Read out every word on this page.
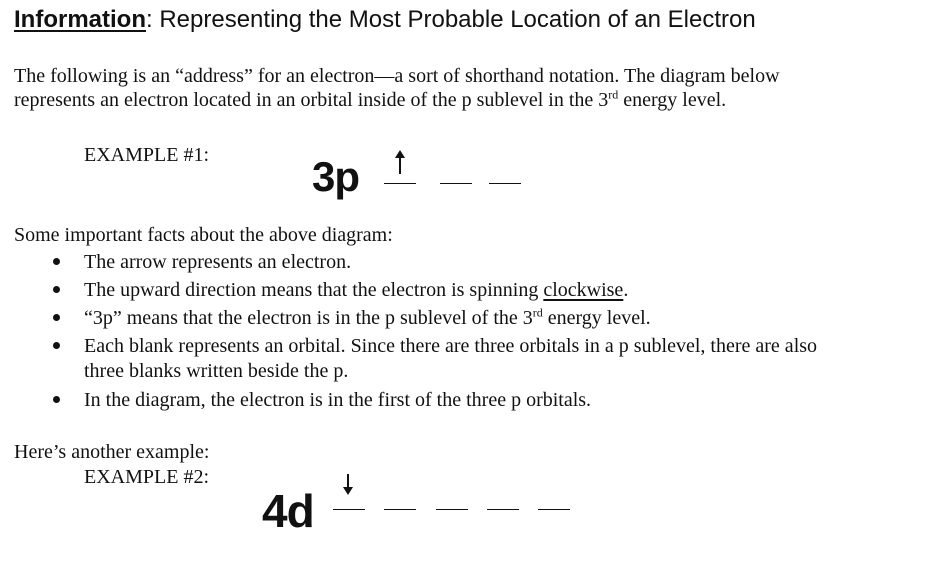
Information: Representing the Most Probable Location of an Electron
The following is an “address” for an electron—a sort of shorthand notation. The diagram below
represents an electron located in an orbital inside of the p sublevel in the 3rd energy level.
EXAMPLE #1: 3p
Some important facts about the above diagram:
The arrow represents an electron.
The upward direction means that the electron is spinning clockwise.
“3p” means that the electron is in the p sublevel of the 3rd energy level.
Each blank represents an orbital. Since there are three orbitals in a p sublevel, there are also
three blanks written beside the p.
In the diagram, the electron is in the first of the three p orbitals.
Here’s another example:
EXAMPLE #2:
4d
